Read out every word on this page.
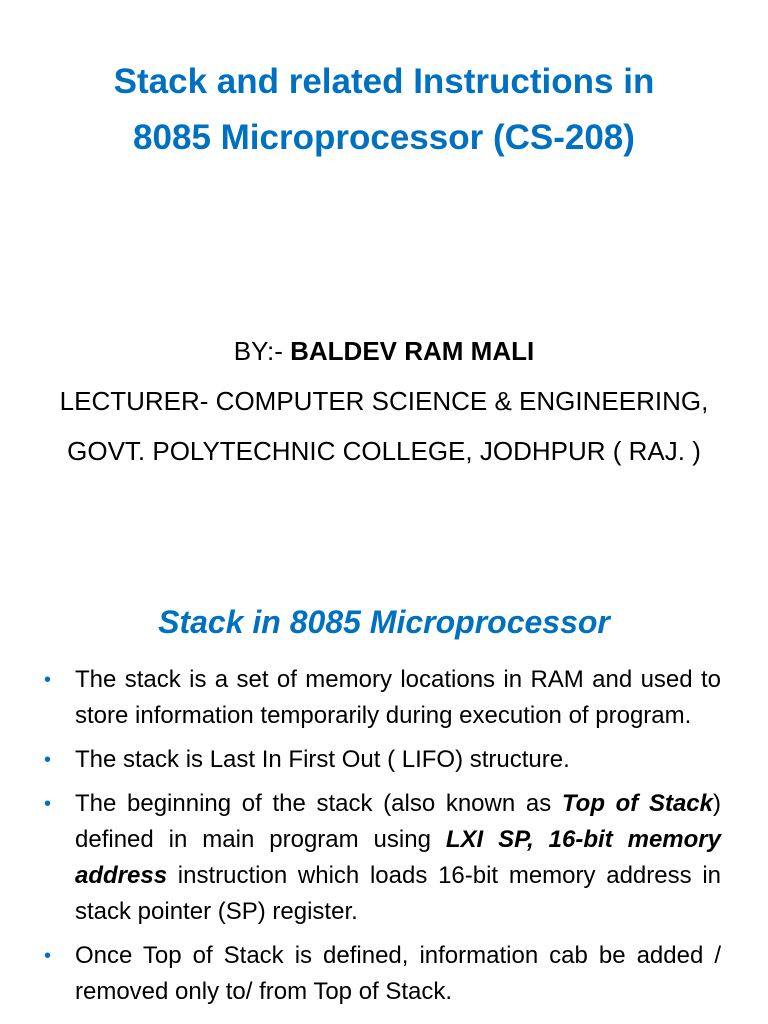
Stack and related Instructions in
8085 Microprocessor (CS-208)
BY:- BALDEV RAM MALI
LECTURER- COMPUTER SCIENCE & ENGINEERING,
GOVT. POLYTECHNIC COLLEGE, JODHPUR ( RAJ. )
Stack in 8085 Microprocessor
• The stack is a set of memory locations in RAM and used to store information temporarily during execution of program.
• The stack is Last In First Out ( LIFO) structure.
• The beginning of the stack (also known as Top of Stack) defined in main program using LXI SP, 16-bit memory address instruction which loads 16-bit memory address in stack pointer (SP) register.
• Once Top of Stack is defined, information cab be added / removed only to/ from Top of Stack.
